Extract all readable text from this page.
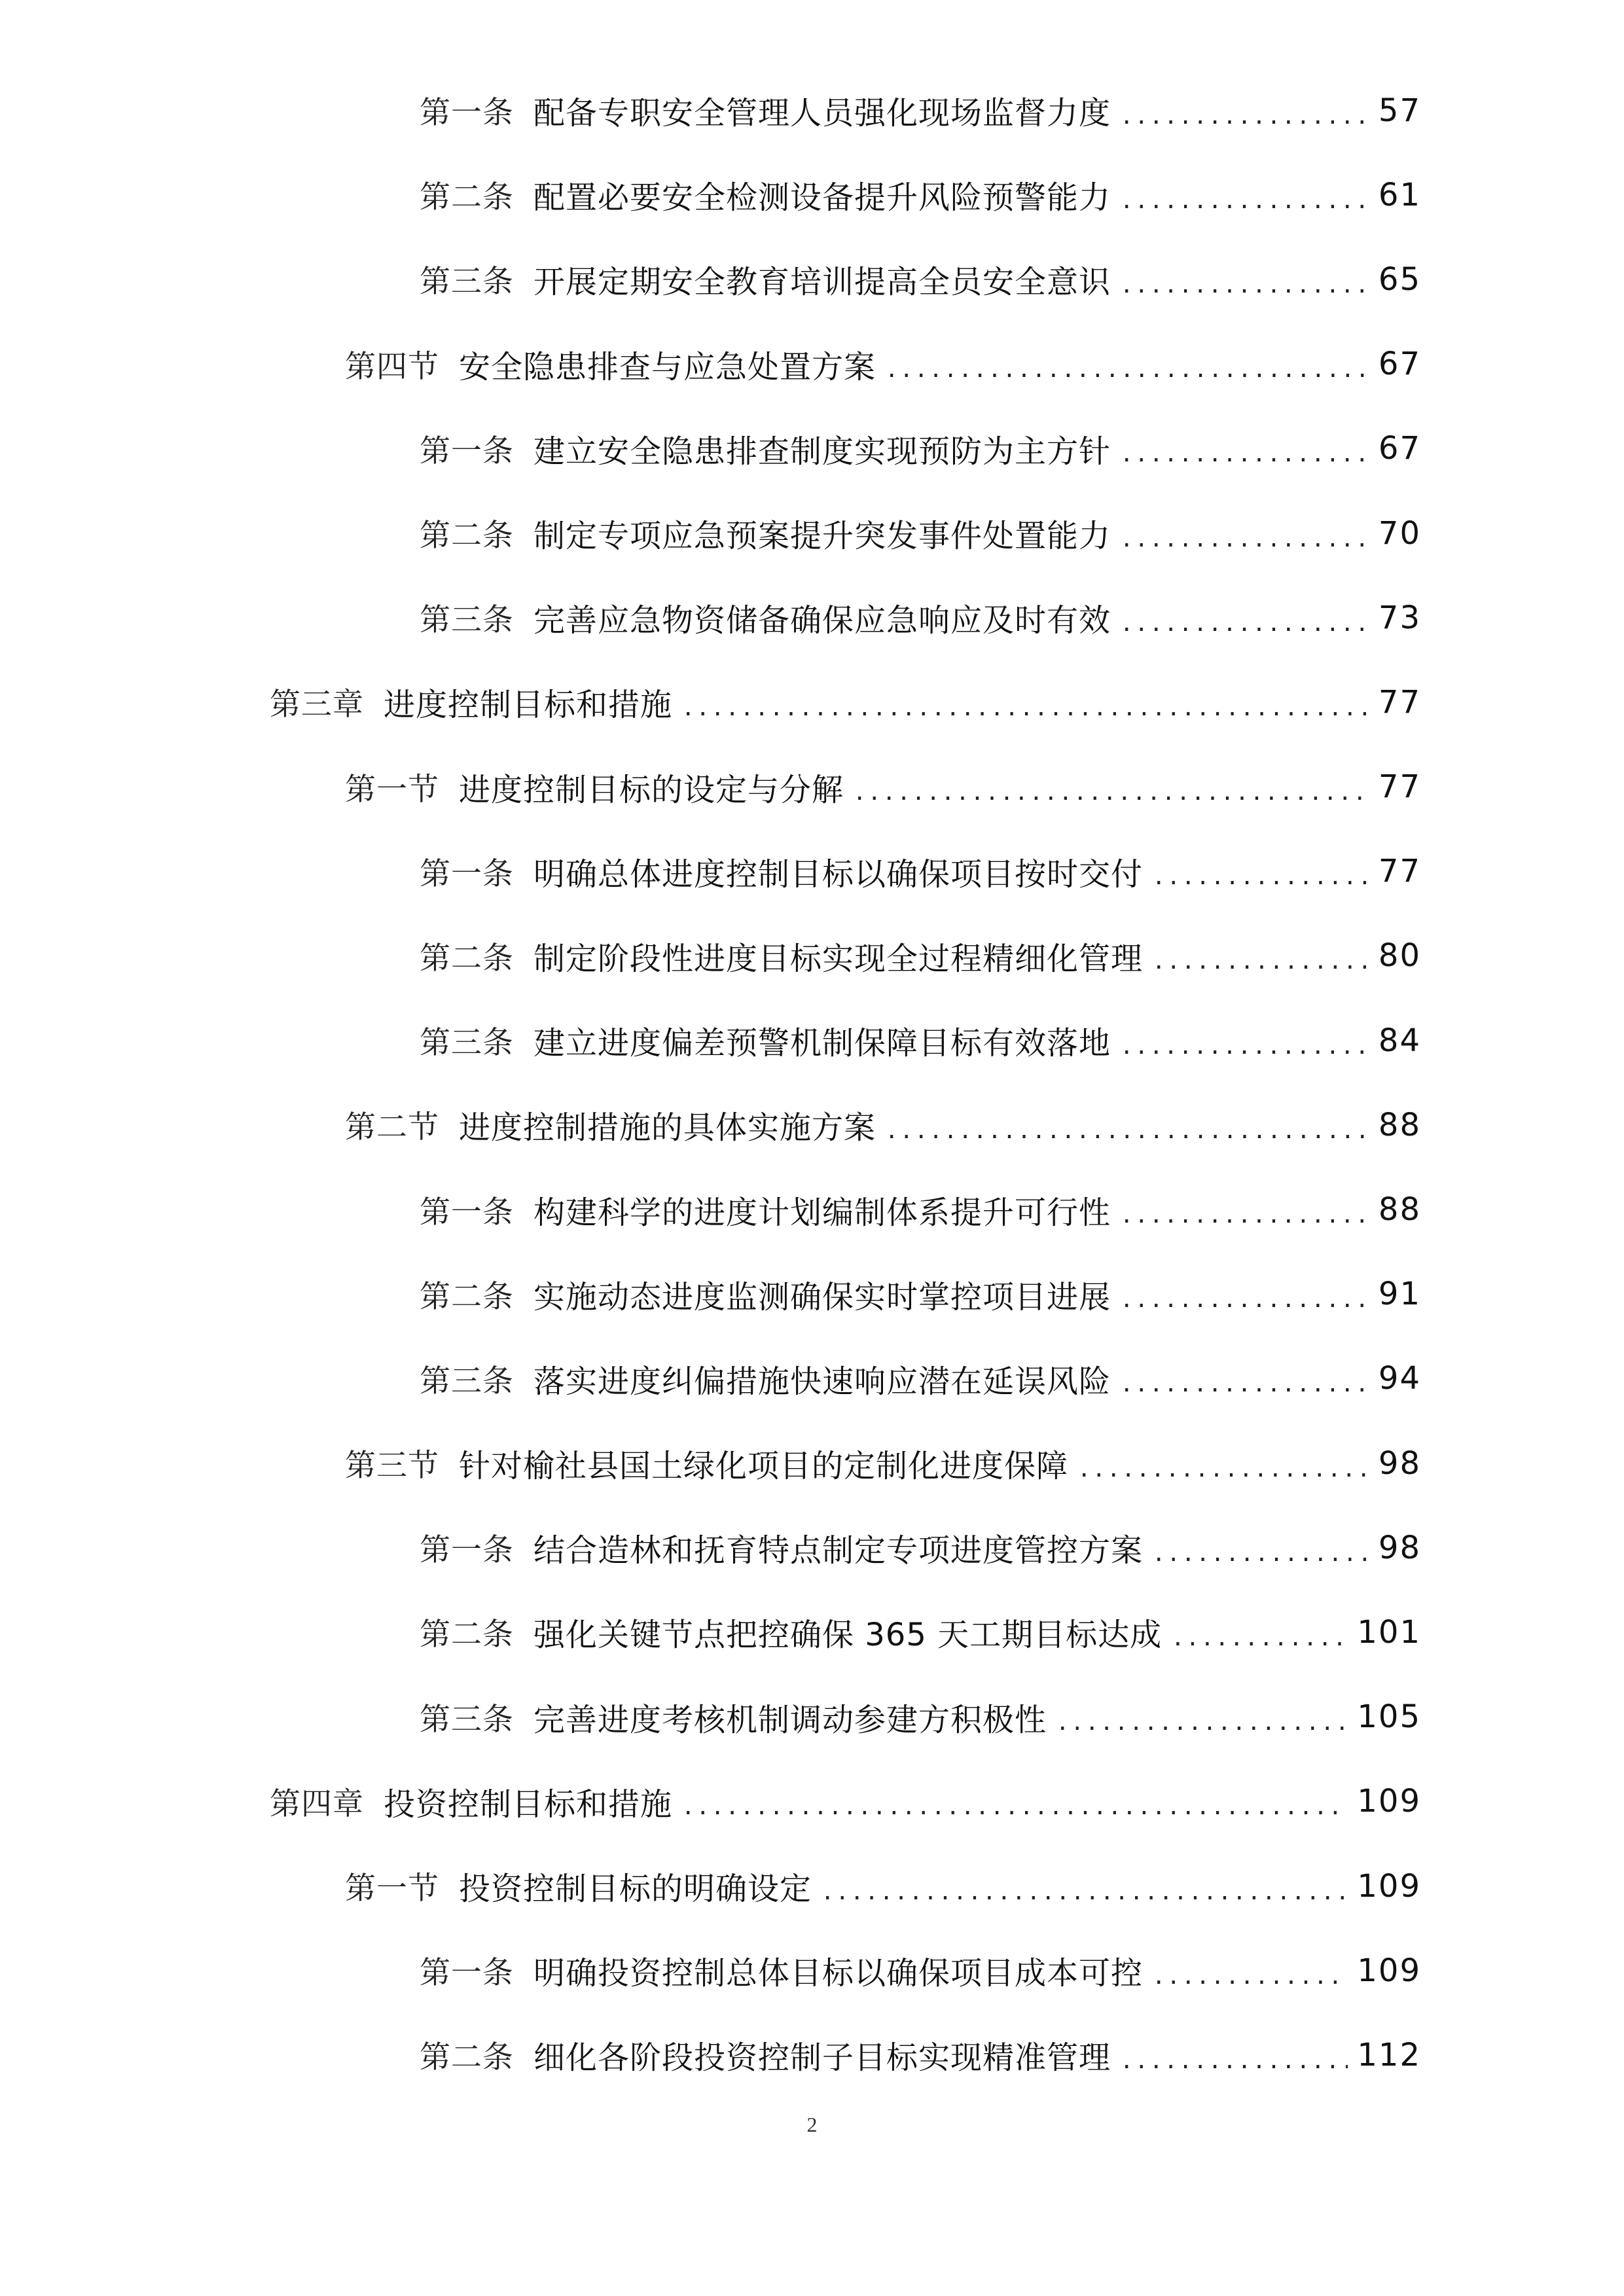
第一条 配备专职安全管理人员强化现场监督力度 .....	57
第二条 配置必要安全检测设备提升风险预警能力 .....	61
第三条 开展定期安全教育培训提高全员安全意识 .....	65
第四节 安全隐患排查与应急处置方案 .....	67
第一条 建立安全隐患排查制度实现预防为主方针 .....	67
第二条 制定专项应急预案提升突发事件处置能力 .....	70
第三条 完善应急物资储备确保应急响应及时有效 .....	73
第三章 进度控制目标和措施 .....	77
第一节 进度控制目标的设定与分解 .....	77
第一条 明确总体进度控制目标以确保项目按时交付 .....	77
第二条 制定阶段性进度目标实现全过程精细化管理 .....	80
第三条 建立进度偏差预警机制保障目标有效落地 .....	84
第二节 进度控制措施的具体实施方案 .....	88
第一条 构建科学的进度计划编制体系提升可行性 .....	88
第二条 实施动态进度监测确保实时掌控项目进展 .....	91
第三条 落实进度纠偏措施快速响应潜在延误风险 .....	94
第三节 针对榆社县国土绿化项目的定制化进度保障 .....	98
第一条 结合造林和抚育特点制定专项进度管控方案 .....	98
第二条 强化关键节点把控确保 365 天工期目标达成 .....	101
第三条 完善进度考核机制调动参建方积极性 .....	105
第四章 投资控制目标和措施 .....	109
第一节 投资控制目标的明确设定 .....	109
第一条 明确投资控制总体目标以确保项目成本可控 .....	109
第二条 细化各阶段投资控制子目标实现精准管理 .....	112
2
